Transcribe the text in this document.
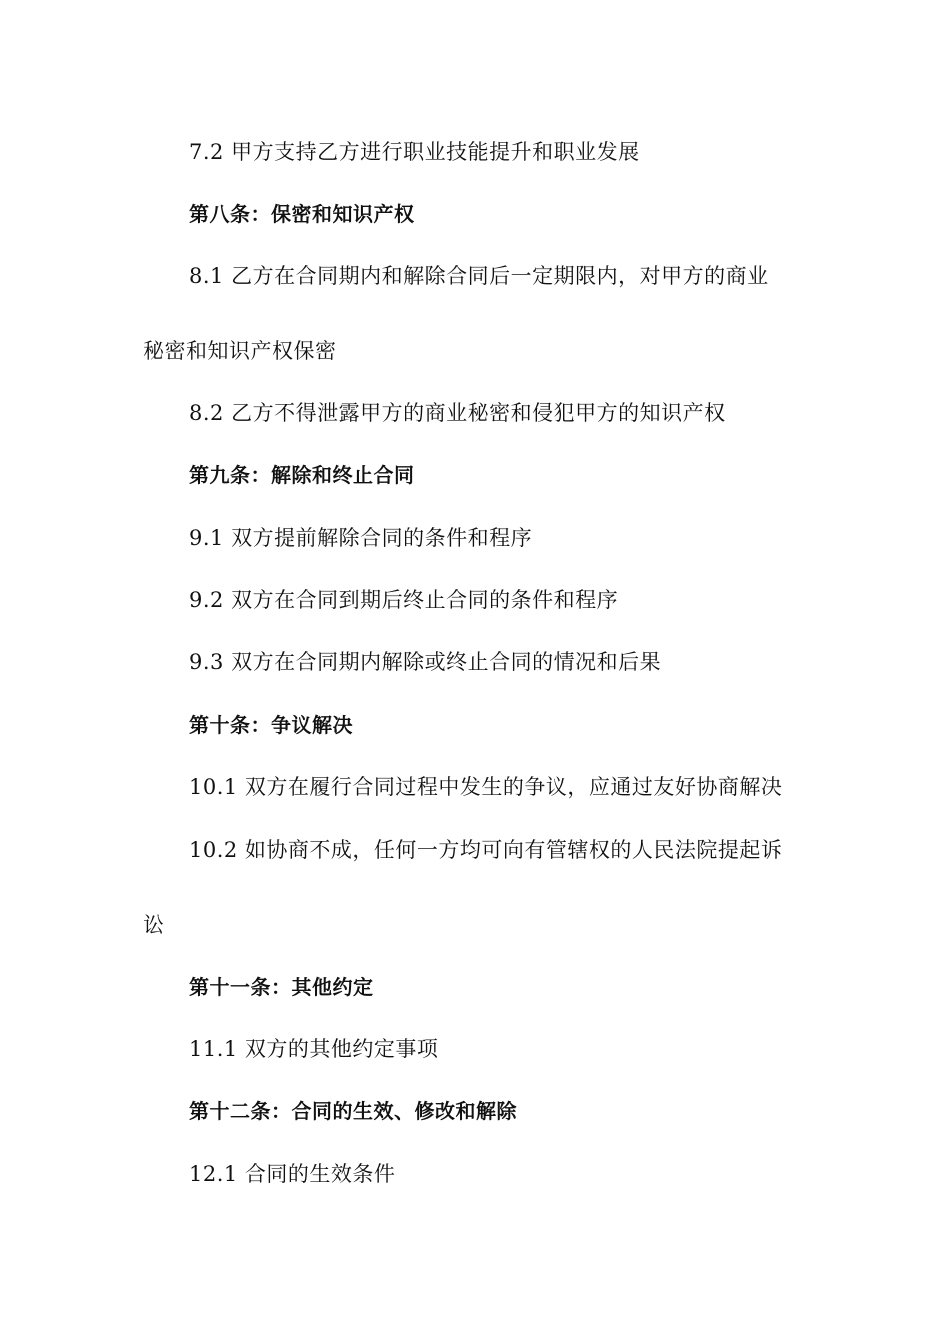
7.2 甲方支持乙方进行职业技能提升和职业发展
第八条：保密和知识产权
8.1 乙方在合同期内和解除合同后一定期限内，对甲方的商业
秘密和知识产权保密
8.2 乙方不得泄露甲方的商业秘密和侵犯甲方的知识产权
第九条：解除和终止合同
9.1 双方提前解除合同的条件和程序
9.2 双方在合同到期后终止合同的条件和程序
9.3 双方在合同期内解除或终止合同的情况和后果
第十条：争议解决
10.1 双方在履行合同过程中发生的争议，应通过友好协商解决
10.2 如协商不成，任何一方均可向有管辖权的人民法院提起诉
讼
第十一条：其他约定
11.1 双方的其他约定事项
第十二条：合同的生效、修改和解除
12.1 合同的生效条件
